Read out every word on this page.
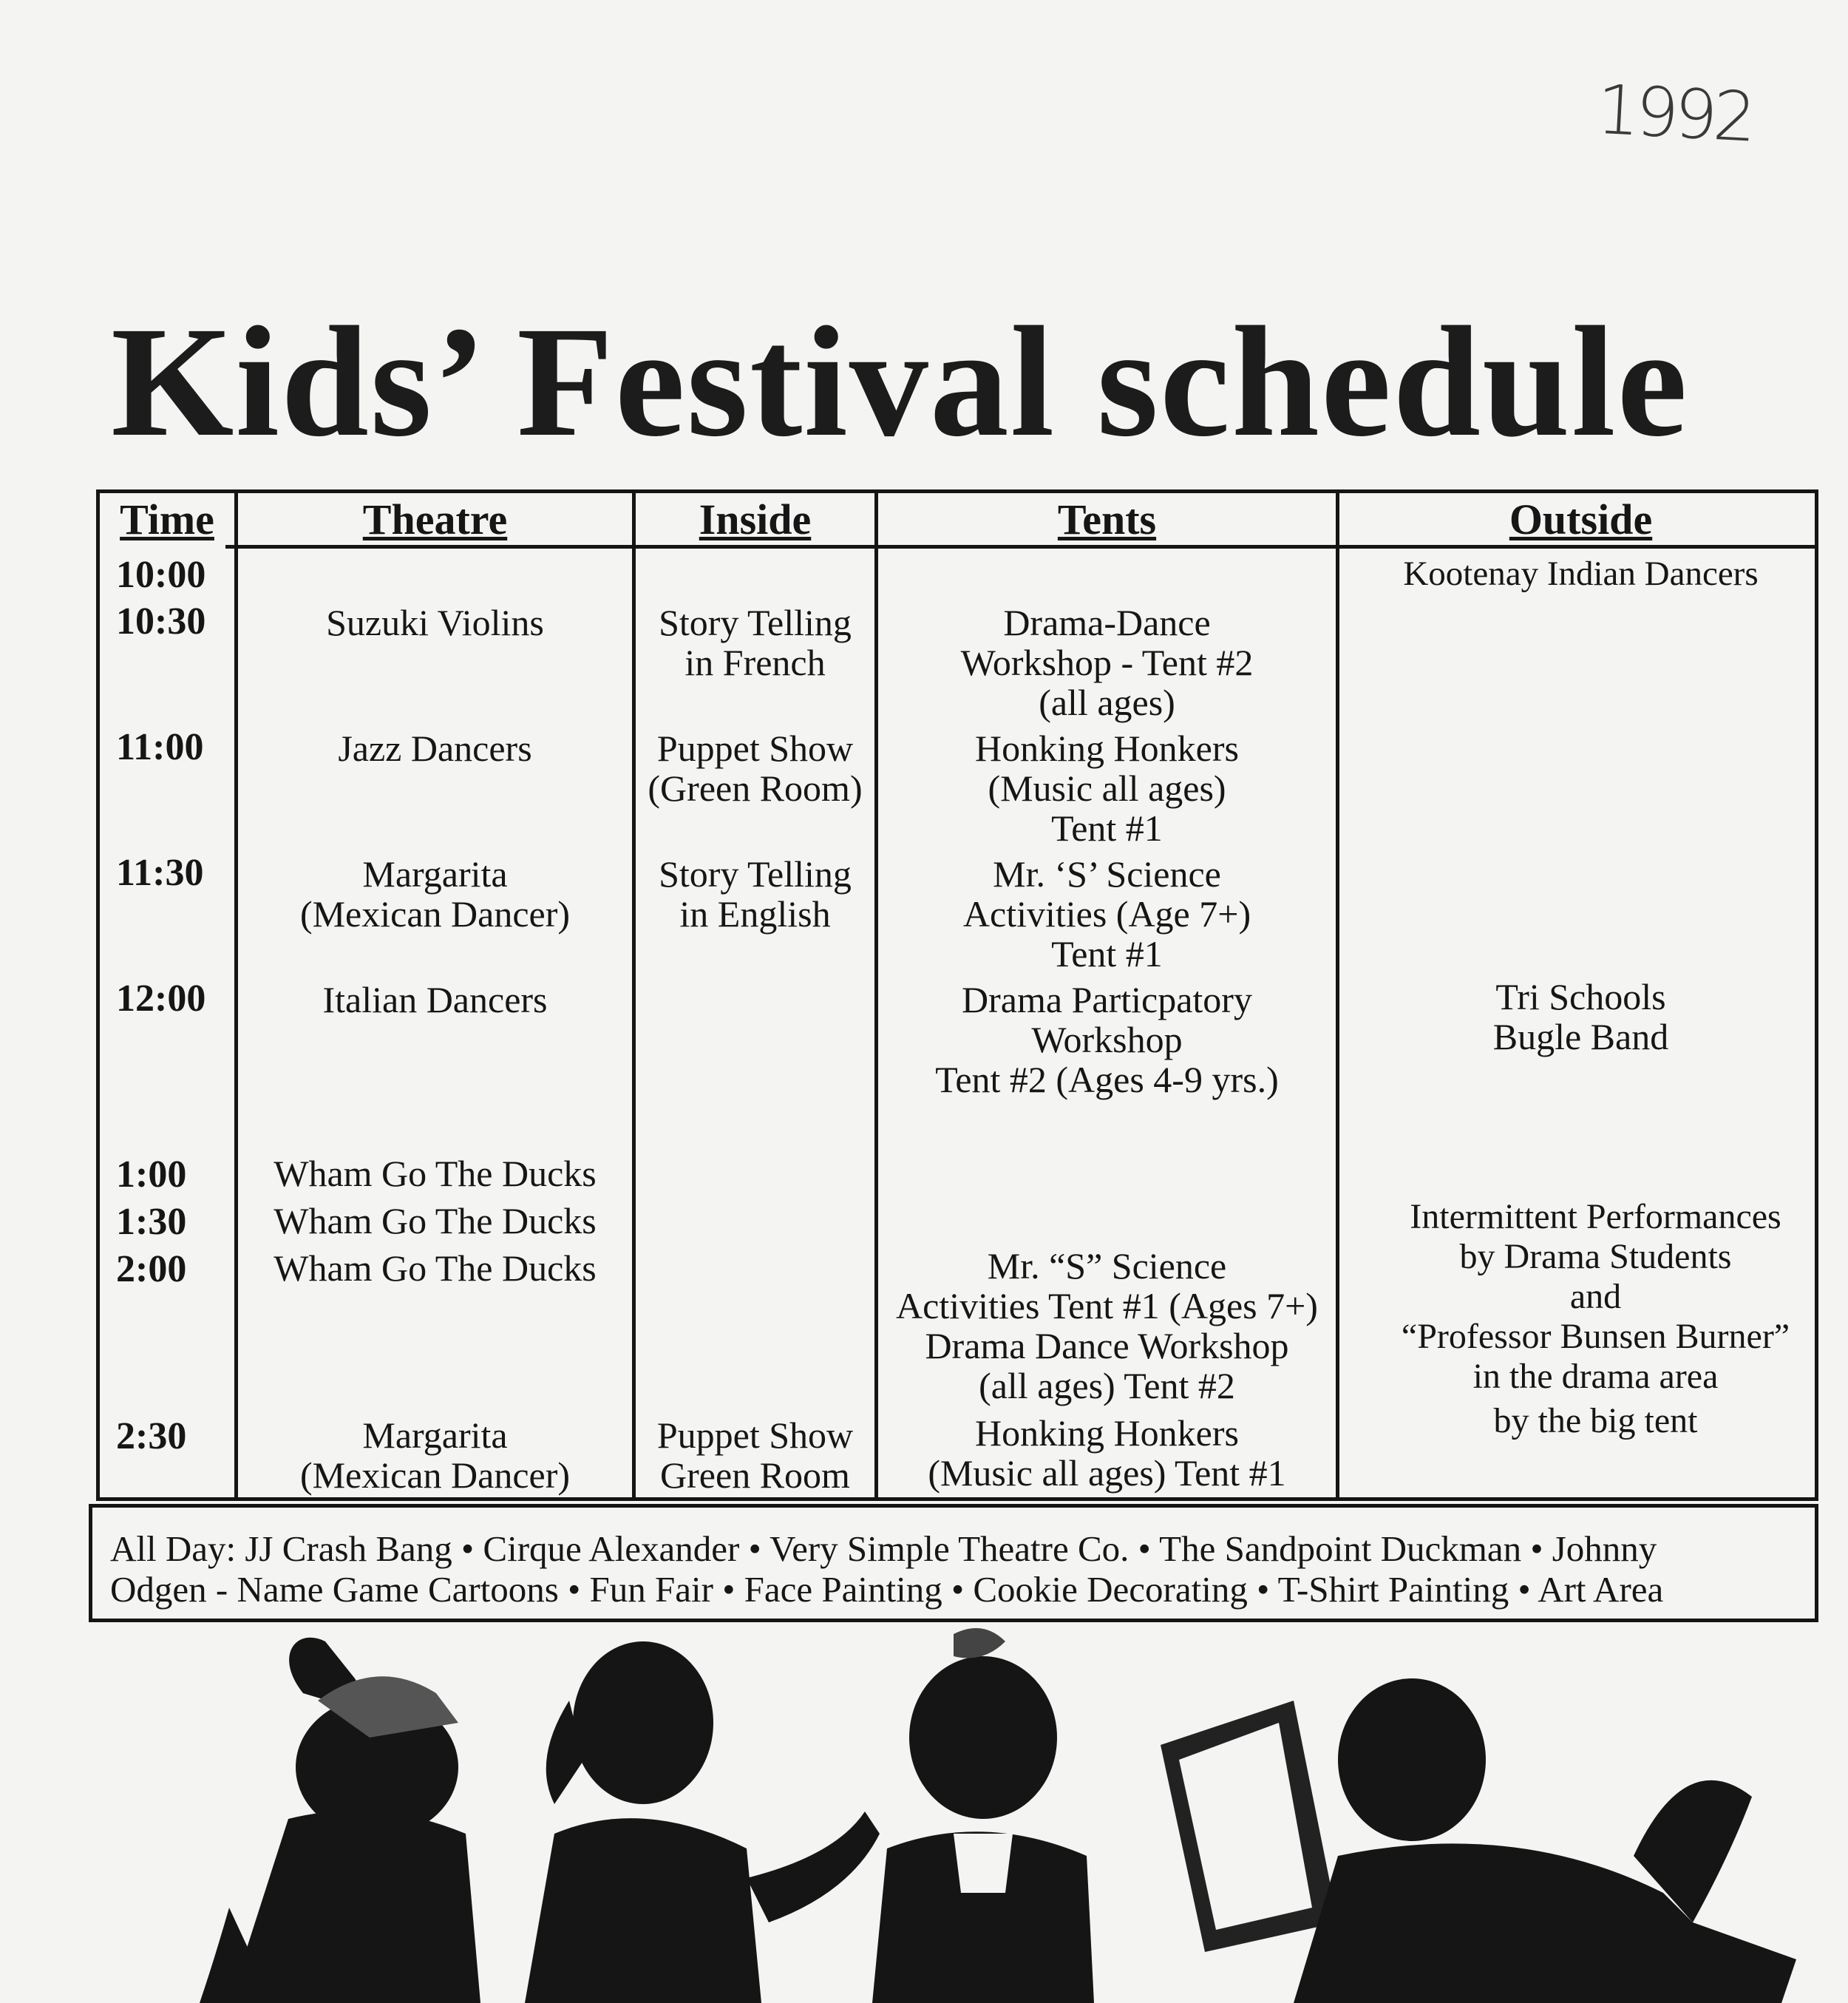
1992
Kids’ Festival schedule
Time
10:00
10:30
11:00
11:30
12:00
1:00
1:30
2:00
2:30
Theatre
Suzuki Violins
Jazz Dancers
Margarita
(Mexican Dancer)
Italian Dancers
Wham Go The Ducks
Wham Go The Ducks
Wham Go The Ducks
Margarita
(Mexican Dancer)
Inside
Story Telling
in French
Puppet Show
(Green Room)
Story Telling
in English
Puppet Show
Green Room
Tents
Drama-Dance
Workshop - Tent #2
(all ages)
Honking Honkers
(Music all ages)
Tent #1
Mr. ‘S’ Science
Activities (Age 7+)
Tent #1
Drama Particpatory
Workshop
Tent #2 (Ages 4-9 yrs.)
Mr. “S” Science
Activities Tent #1 (Ages 7+)
Drama Dance Workshop
(all ages) Tent #2
Honking Honkers
(Music all ages) Tent #1
Outside
Kootenay Indian Dancers
Tri Schools
Bugle Band
Intermittent Performances
by Drama Students
and
“Professor Bunsen Burner”
in the drama area
by the big tent
All Day: JJ Crash Bang • Cirque Alexander • Very Simple Theatre Co. • The Sandpoint Duckman • Johnny
Odgen - Name Game Cartoons • Fun Fair • Face Painting • Cookie Decorating • T-Shirt Painting • Art Area
